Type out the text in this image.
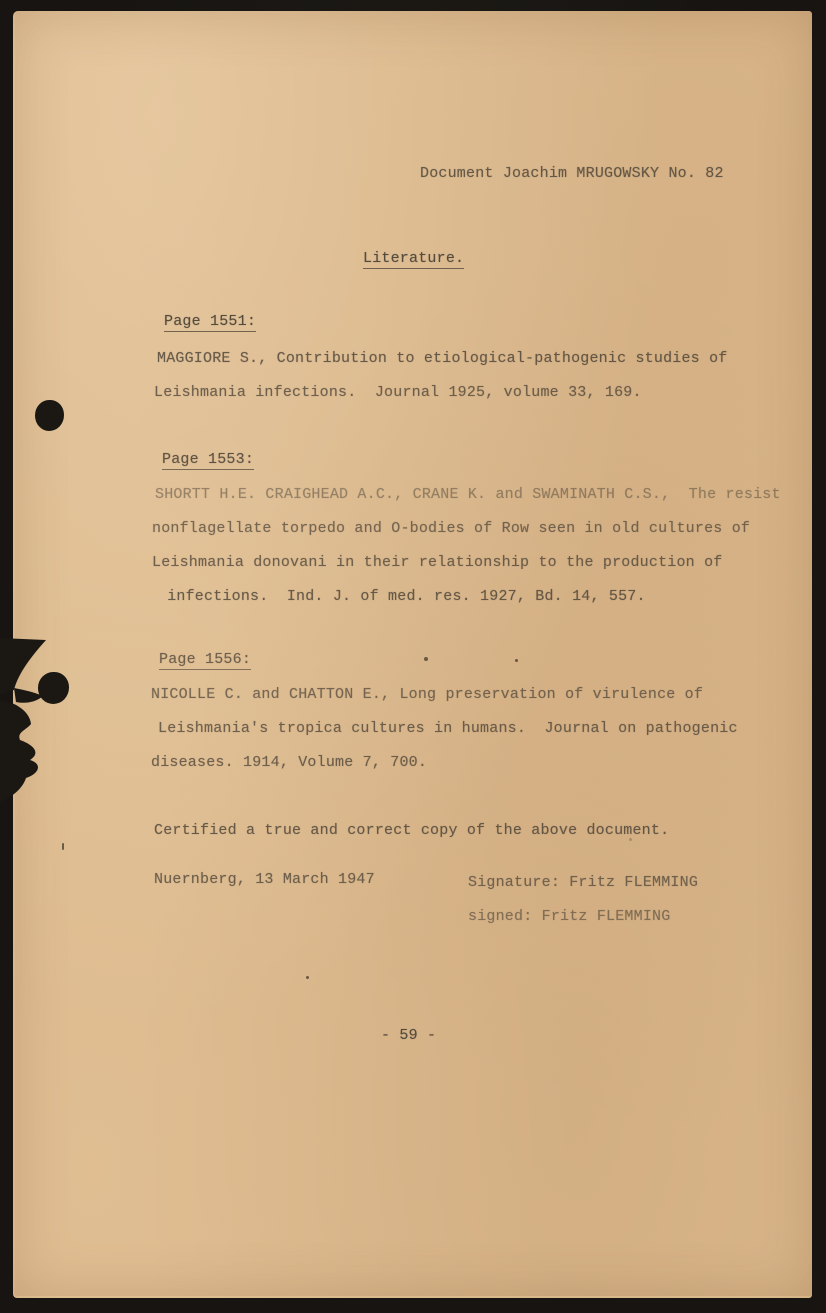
Document Joachim MRUGOWSKY No. 82
Literature.
Page 1551:
MAGGIORE S., Contribution to etiological-pathogenic studies of
Leishmania infections.  Journal 1925, volume 33, 169.
Page 1553:
SHORTT H.E. CRAIGHEAD A.C., CRANE K. and SWAMINATH C.S.,  The resist
nonflagellate torpedo and O-bodies of Row seen in old cultures of
Leishmania donovani in their relationship to the production of
infections.  Ind. J. of med. res. 1927, Bd. 14, 557.
Page 1556:
NICOLLE C. and CHATTON E., Long preservation of virulence of
Leishmania's tropica cultures in humans.  Journal on pathogenic
diseases. 1914, Volume 7, 700.
Certified a true and correct copy of the above document.
Nuernberg, 13 March 1947	Signature: Fritz FLEMMING
signed: Fritz FLEMMING
- 59 -
